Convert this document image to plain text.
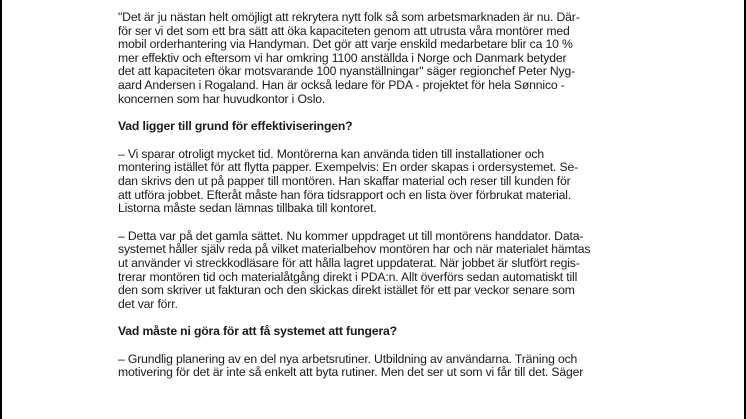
"Det är ju nästan helt omöjligt att rekrytera nytt folk så som arbetsmarknaden är nu. Där-
för ser vi det som ett bra sätt att öka kapaciteten genom att utrusta våra montörer med
mobil orderhantering via Handyman. Det gör att varje enskild medarbetare blir ca 10 %
mer effektiv och eftersom vi har omkring 1100 anställda i Norge och Danmark betyder
det att kapaciteten ökar motsvarande 100 nyanställningar" säger regionchef Peter Nyg-
aard Andersen i Rogaland. Han är också ledare för PDA - projektet för hela Sønnico -
koncernen som har huvudkontor i Oslo.
Vad ligger till grund för effektiviseringen?
– Vi sparar otroligt mycket tid. Montörerna kan använda tiden till installationer och
montering istället för att flytta papper. Exempelvis: En order skapas i ordersystemet. Se-
dan skrivs den ut på papper till montören. Han skaffar material och reser till kunden för
att utföra jobbet. Efteråt måste han föra tidsrapport och en lista över förbrukat material.
Listorna måste sedan lämnas tillbaka till kontoret.
– Detta var på det gamla sättet. Nu kommer uppdraget ut till montörens handdator. Data-
systemet håller själv reda på vilket materialbehov montören har och när materialet hämtas
ut använder vi streckkodläsare för att hålla lagret uppdaterat. När jobbet är slutfört regis-
trerar montören tid och materialåtgång direkt i PDA:n. Allt överförs sedan automatiskt till
den som skriver ut fakturan och den skickas direkt istället för ett par veckor senare som
det var förr.
Vad måste ni göra för att få systemet att fungera?
– Grundlig planering av en del nya arbetsrutiner. Utbildning av användarna. Träning och
motivering för det är inte så enkelt att byta rutiner. Men det ser ut som vi får till det. Säger
